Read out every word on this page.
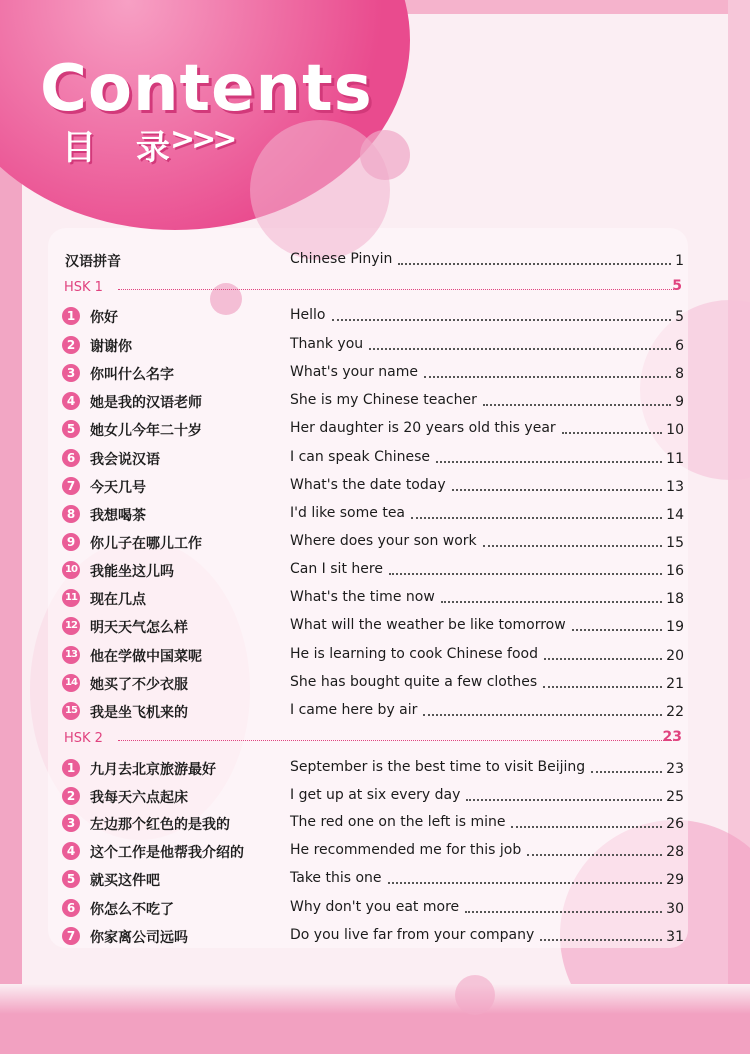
Contents
目 录
>>>
汉语拼音	Chinese Pinyin	1
HSK 1	5
1	你好	Hello	5
2	谢谢你	Thank you	6
3	你叫什么名字	What's your name	8
4	她是我的汉语老师	She is my Chinese teacher	9
5	她女儿今年二十岁	Her daughter is 20 years old this year	10
6	我会说汉语	I can speak Chinese	11
7	今天几号	What's the date today	13
8	我想喝茶	I'd like some tea	14
9	你儿子在哪儿工作	Where does your son work	15
10 我能坐这儿吗	Can I sit here	16
11 现在几点	What's the time now	18
12 明天天气怎么样	What will the weather be like tomorrow	19
13 他在学做中国菜呢	He is learning to cook Chinese food	20
14 她买了不少衣服	She has bought quite a few clothes	21
15 我是坐飞机来的	I came here by air	22
HSK 2	23
1	九月去北京旅游最好	September is the best time to visit Beijing	23
2	我每天六点起床	I get up at six every day	25
3	左边那个红色的是我的	The red one on the left is mine	26
4	这个工作是他帮我介绍的	He recommended me for this job	28
5	就买这件吧	Take this one	29
6	你怎么不吃了	Why don't you eat more	30
7	你家离公司远吗	Do you live far from your company	31
